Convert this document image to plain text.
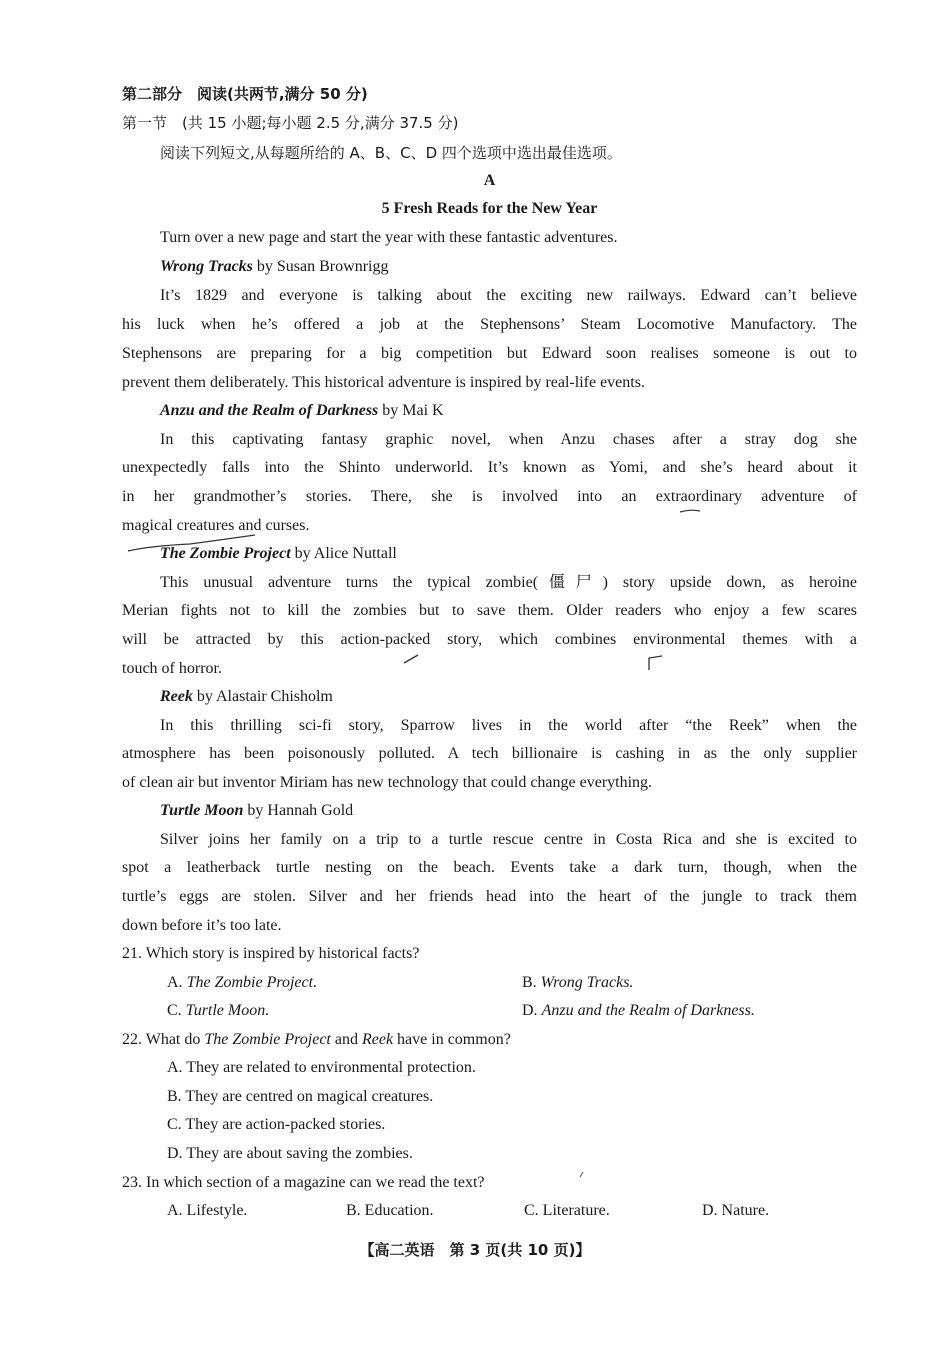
第二部分　阅读(共两节,满分 50 分)
第一节　(共 15 小题;每小题 2.5 分,满分 37.5 分)
阅读下列短文,从每题所给的 A、B、C、D 四个选项中选出最佳选项。
A
5 Fresh Reads for the New Year
Turn over a new page and start the year with these fantastic adventures.
Wrong Tracks by Susan Brownrigg
It’s 1829 and everyone is talking about the exciting new railways. Edward can’t believe
his luck when he’s offered a job at the Stephensons’ Steam Locomotive Manufactory. The
Stephensons are preparing for a big competition but Edward soon realises someone is out to
prevent them deliberately. This historical adventure is inspired by real-life events.
Anzu and the Realm of Darkness by Mai K
In this captivating fantasy graphic novel, when Anzu chases after a stray dog she
unexpectedly falls into the Shinto underworld. It’s known as Yomi, and she’s heard about it
in her grandmother’s stories. There, she is involved into an extraordinary adventure of
magical creatures and curses.
The Zombie Project by Alice Nuttall
This unusual adventure turns the typical zombie(僵尸) story upside down, as heroine
Merian fights not to kill the zombies but to save them. Older readers who enjoy a few scares
will be attracted by this action-packed story, which combines environmental themes with a
touch of horror.
Reek by Alastair Chisholm
In this thrilling sci-fi story, Sparrow lives in the world after “the Reek” when the
atmosphere has been poisonously polluted. A tech billionaire is cashing in as the only supplier
of clean air but inventor Miriam has new technology that could change everything.
Turtle Moon by Hannah Gold
Silver joins her family on a trip to a turtle rescue centre in Costa Rica and she is excited to
spot a leatherback turtle nesting on the beach. Events take a dark turn, though, when the
turtle’s eggs are stolen. Silver and her friends head into the heart of the jungle to track them
down before it’s too late.
21. Which story is inspired by historical facts?
A. The Zombie Project.	B. Wrong Tracks.
C. Turtle Moon.	D. Anzu and the Realm of Darkness.
22. What do The Zombie Project and Reek have in common?
A. They are related to environmental protection.
B. They are centred on magical creatures.
C. They are action-packed stories.
D. They are about saving the zombies.
23. In which section of a magazine can we read the text?
A. Lifestyle.	B. Education.	C. Literature.	D. Nature.
【高二英语　第 3 页(共 10 页)】
